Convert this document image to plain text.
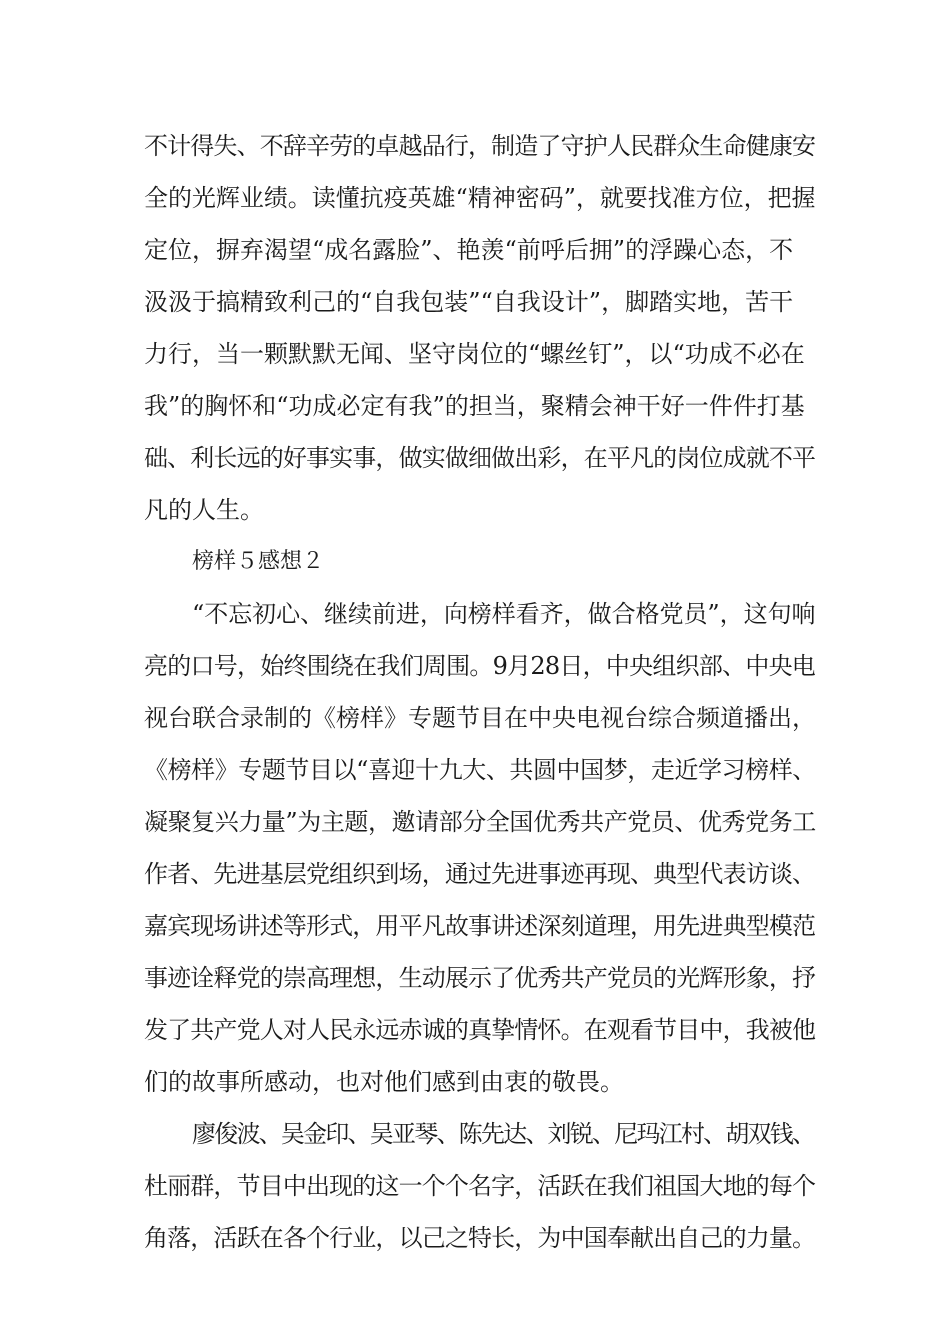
不计得失、不辞辛劳的卓越品行，制造了守护人民群众生命健康安
全的光辉业绩。读懂抗疫英雄“精神密码”，就要找准方位，把握
定位，摒弃渴望“成名露脸”、艳羡“前呼后拥”的浮躁心态，不
汲汲于搞精致利己的“自我包装”“自我设计”，脚踏实地，苦干
力行，当一颗默默无闻、坚守岗位的“螺丝钉”，以“功成不必在
我”的胸怀和“功成必定有我”的担当，聚精会神干好一件件打基
础、利长远的好事实事，做实做细做出彩，在平凡的岗位成就不平
凡的人生。
榜样５感想２
“不忘初心、继续前进，向榜样看齐，做合格党员”，这句响
亮的口号，始终围绕在我们周围。9月28日，中央组织部、中央电
视台联合录制的《榜样》专题节目在中央电视台综合频道播出，
《榜样》专题节目以“喜迎十九大、共圆中国梦，走近学习榜样、
凝聚复兴力量”为主题，邀请部分全国优秀共产党员、优秀党务工
作者、先进基层党组织到场，通过先进事迹再现、典型代表访谈、
嘉宾现场讲述等形式，用平凡故事讲述深刻道理，用先进典型模范
事迹诠释党的崇高理想，生动展示了优秀共产党员的光辉形象，抒
发了共产党人对人民永远赤诚的真挚情怀。在观看节目中，我被他
们的故事所感动，也对他们感到由衷的敬畏。
廖俊波、吴金印、吴亚琴、陈先达、刘锐、尼玛江村、胡双钱、
杜丽群，节目中出现的这一个个名字，活跃在我们祖国大地的每个
角落，活跃在各个行业，以己之特长，为中国奉献出自己的力量。
